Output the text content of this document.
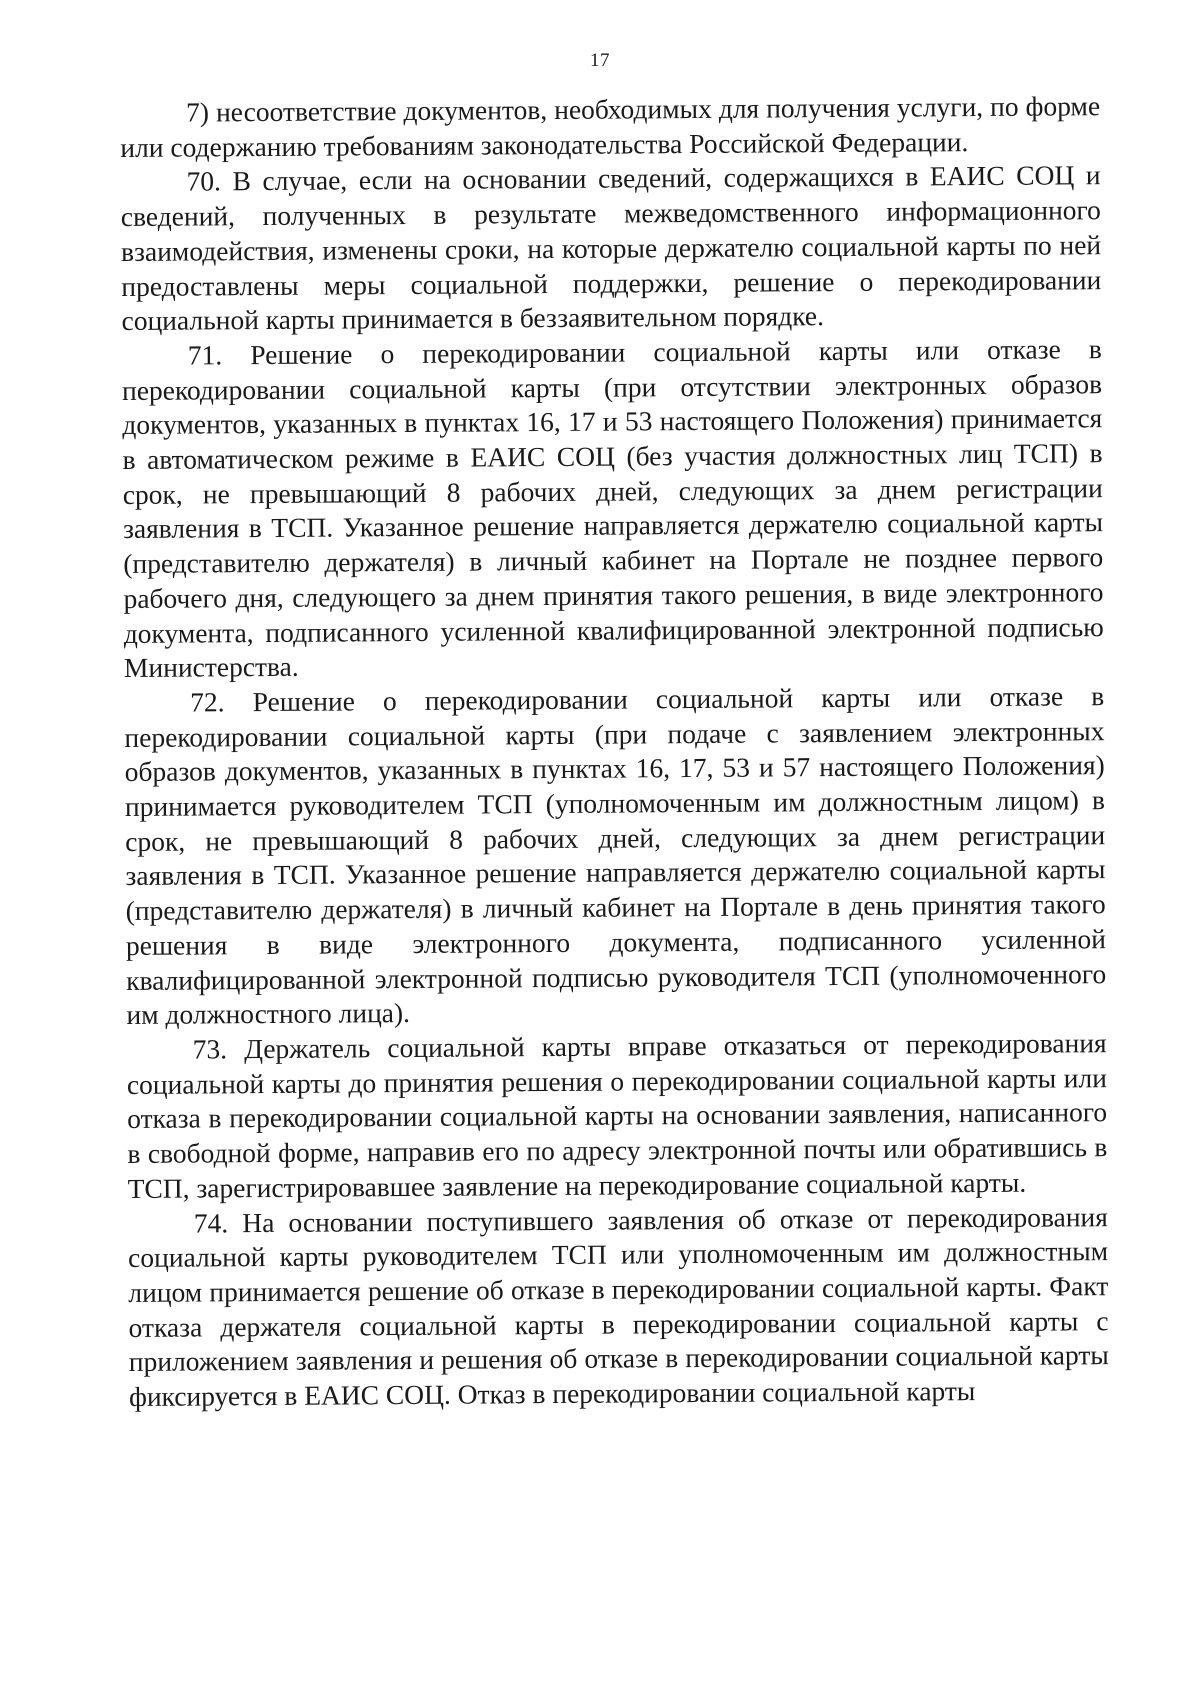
17

7) несоответствие документов, необходимых для получения услуги, по форме или содержанию требованиям законодательства Российской Федерации.

70. В случае, если на основании сведений, содержащихся в ЕАИС СОЦ и сведений, полученных в результате межведомственного информационного взаимодействия, изменены сроки, на которые держателю социальной карты по ней предоставлены меры социальной поддержки, решение о перекодировании социальной карты принимается в беззаявительном порядке.

71. Решение о перекодировании социальной карты или отказе в перекодировании социальной карты (при отсутствии электронных образов документов, указанных в пунктах 16, 17 и 53 настоящего Положения) принимается в автоматическом режиме в ЕАИС СОЦ (без участия должностных лиц ТСП) в срок, не превышающий 8 рабочих дней, следующих за днем регистрации заявления в ТСП. Указанное решение направляется держателю социальной карты (представителю держателя) в личный кабинет на Портале не позднее первого рабочего дня, следующего за днем принятия такого решения, в виде электронного документа, подписанного усиленной квалифицированной электронной подписью Министерства.

72. Решение о перекодировании социальной карты или отказе в перекодировании социальной карты (при подаче с заявлением электронных образов документов, указанных в пунктах 16, 17, 53 и 57 настоящего Положения) принимается руководителем ТСП (уполномоченным им должностным лицом) в срок, не превышающий 8 рабочих дней, следующих за днем регистрации заявления в ТСП. Указанное решение направляется держателю социальной карты (представителю держателя) в личный кабинет на Портале в день принятия такого решения в виде электронного документа, подписанного усиленной квалифицированной электронной подписью руководителя ТСП (уполномоченного им должностного лица).

73. Держатель социальной карты вправе отказаться от перекодирования социальной карты до принятия решения о перекодировании социальной карты или отказа в перекодировании социальной карты на основании заявления, написанного в свободной форме, направив его по адресу электронной почты или обратившись в ТСП, зарегистрировавшее заявление на перекодирование социальной карты.

74. На основании поступившего заявления об отказе от перекодирования социальной карты руководителем ТСП или уполномоченным им должностным лицом принимается решение об отказе в перекодировании социальной карты. Факт отказа держателя социальной карты в перекодировании социальной карты с приложением заявления и решения об отказе в перекодировании социальной карты фиксируется в ЕАИС СОЦ. Отказ в перекодировании социальной карты
